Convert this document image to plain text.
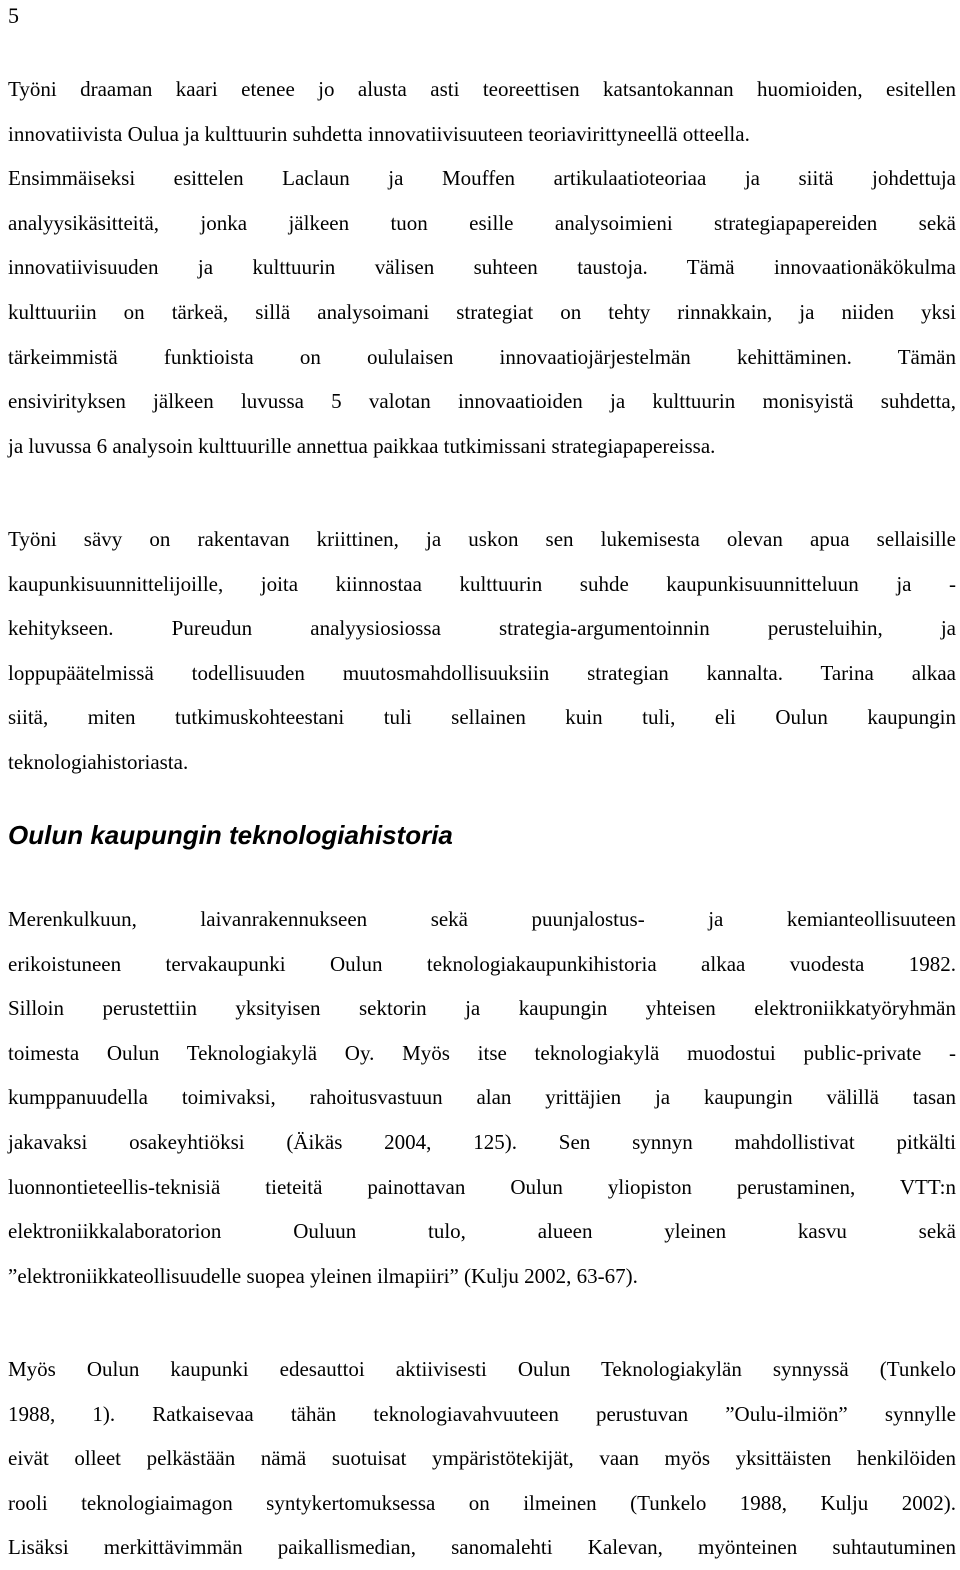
5

Työni draaman kaari etenee jo alusta asti teoreettisen katsantokannan huomioiden, esitellen
innovatiivista Oulua ja kulttuurin suhdetta innovatiivisuuteen teoriavirittyneellä otteella.
Ensimmäiseksi esittelen Laclaun ja Mouffen artikulaatioteoriaa ja siitä johdettuja
analyysikäsitteitä, jonka jälkeen tuon esille analysoimieni strategiapapereiden sekä
innovatiivisuuden ja kulttuurin välisen suhteen taustoja. Tämä innovaationäkökulma
kulttuuriin on tärkeä, sillä analysoimani strategiat on tehty rinnakkain, ja niiden yksi
tärkeimmistä funktioista on oululaisen innovaatiojärjestelmän kehittäminen. Tämän
ensivirityksen jälkeen luvussa 5 valotan innovaatioiden ja kulttuurin monisyistä suhdetta,
ja luvussa 6 analysoin kulttuurille annettua paikkaa tutkimissani strategiapapereissa.

Työni sävy on rakentavan kriittinen, ja uskon sen lukemisesta olevan apua sellaisille
kaupunkisuunnittelijoille, joita kiinnostaa kulttuurin suhde kaupunkisuunnitteluun ja -
kehitykseen. Pureudun analyysiosiossa strategia-argumentoinnin perusteluihin, ja
loppupäätelmissä todellisuuden muutosmahdollisuuksiin strategian kannalta. Tarina alkaa
siitä, miten tutkimuskohteestani tuli sellainen kuin tuli, eli Oulun kaupungin
teknologiahistoriasta.

Oulun kaupungin teknologiahistoria

Merenkulkuun, laivanrakennukseen sekä puunjalostus- ja kemianteollisuuteen
erikoistuneen tervakaupunki Oulun teknologiakaupunkihistoria alkaa vuodesta 1982.
Silloin perustettiin yksityisen sektorin ja kaupungin yhteisen elektroniikkatyöryhmän
toimesta Oulun Teknologiakylä Oy. Myös itse teknologiakylä muodostui public-private -
kumppanuudella toimivaksi, rahoitusvastuun alan yrittäjien ja kaupungin välillä tasan
jakavaksi osakeyhtiöksi (Äikäs 2004, 125). Sen synnyn mahdollistivat pitkälti
luonnontieteellis-teknisiä tieteitä painottavan Oulun yliopiston perustaminen, VTT:n
elektroniikkalaboratorion Ouluun tulo, alueen yleinen kasvu sekä
”elektroniikkateollisuudelle suopea yleinen ilmapiiri” (Kulju 2002, 63-67).

Myös Oulun kaupunki edesauttoi aktiivisesti Oulun Teknologiakylän synnyssä (Tunkelo
1988, 1). Ratkaisevaa tähän teknologiavahvuuteen perustuvan ”Oulu-ilmiön” synnylle
eivät olleet pelkästään nämä suotuisat ympäristötekijät, vaan myös yksittäisten henkilöiden
rooli teknologiaimagon syntykertomuksessa on ilmeinen (Tunkelo 1988, Kulju 2002).
Lisäksi merkittävimmän paikallismedian, sanomalehti Kalevan, myönteinen suhtautuminen
